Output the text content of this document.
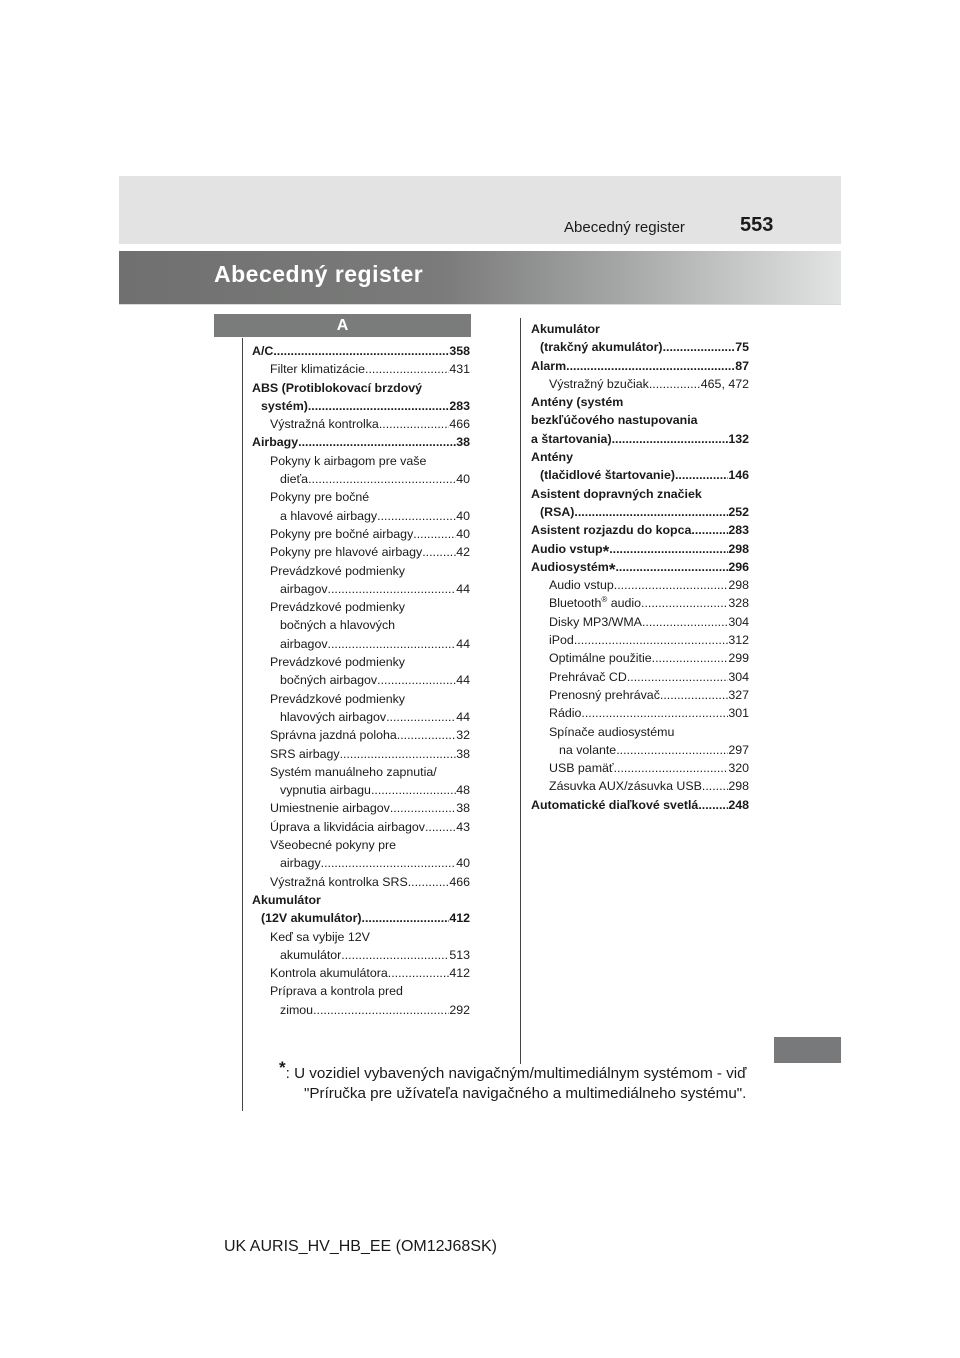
Abecedný register	553
Abecedný register
A
A/C .....	358
Filter klimatizácie .....	431
ABS (Protiblokovací brzdový
systém) .....	283
Výstražná kontrolka .....	466
Airbagy .....	38
Pokyny k airbagom pre vaše
dieťa .....	40
Pokyny pre bočné
a hlavové airbagy .....	40
Pokyny pre bočné airbagy .....	40
Pokyny pre hlavové airbagy .....	42
Prevádzkové podmienky
airbagov .....	44
Prevádzkové podmienky
bočných a hlavových
airbagov .....	44
Prevádzkové podmienky
bočných airbagov .....	44
Prevádzkové podmienky
hlavových airbagov .....	44
Správna jazdná poloha .....	32
SRS airbagy .....	38
Systém manuálneho zapnutia/
vypnutia airbagu .....	48
Umiestnenie airbagov .....	38
Úprava a likvidácia airbagov .....	43
Všeobecné pokyny pre
airbagy .....	40
Výstražná kontrolka SRS .....	466
Akumulátor
(12V akumulátor) .....	412
Keď sa vybije 12V
akumulátor .....	513
Kontrola akumulátora .....	412
Príprava a kontrola pred
zimou .....	292
Akumulátor
(trakčný akumulátor) .....	75
Alarm .....	87
Výstražný bzučiak .....	465, 472
Antény (systém
bezkľúčového nastupovania
a štartovania) .....	132
Antény
(tlačidlové štartovanie) .....	146
Asistent dopravných značiek
(RSA) .....	252
Asistent rozjazdu do kopca .....	283
Audio vstup * .....	298
Audiosystém * .....	296
Audio vstup .....	298
Bluetooth ® audio .....	328
Disky MP3/WMA .....	304
iPod .....	312
Optimálne použitie .....	299
Prehrávač CD .....	304
Prenosný prehrávač .....	327
Rádio .....	301
Spínače audiosystému
na volante .....	297
USB pamäť .....	320
Zásuvka AUX/zásuvka USB ..... 298
Automatické diaľkové svetlá ..... 248
*: U vozidiel vybavených navigačným/multimediálnym systémom - viď
"Príručka pre užívateľa navigačného a multimediálneho systému".
UK AURIS_HV_HB_EE (OM12J68SK)
